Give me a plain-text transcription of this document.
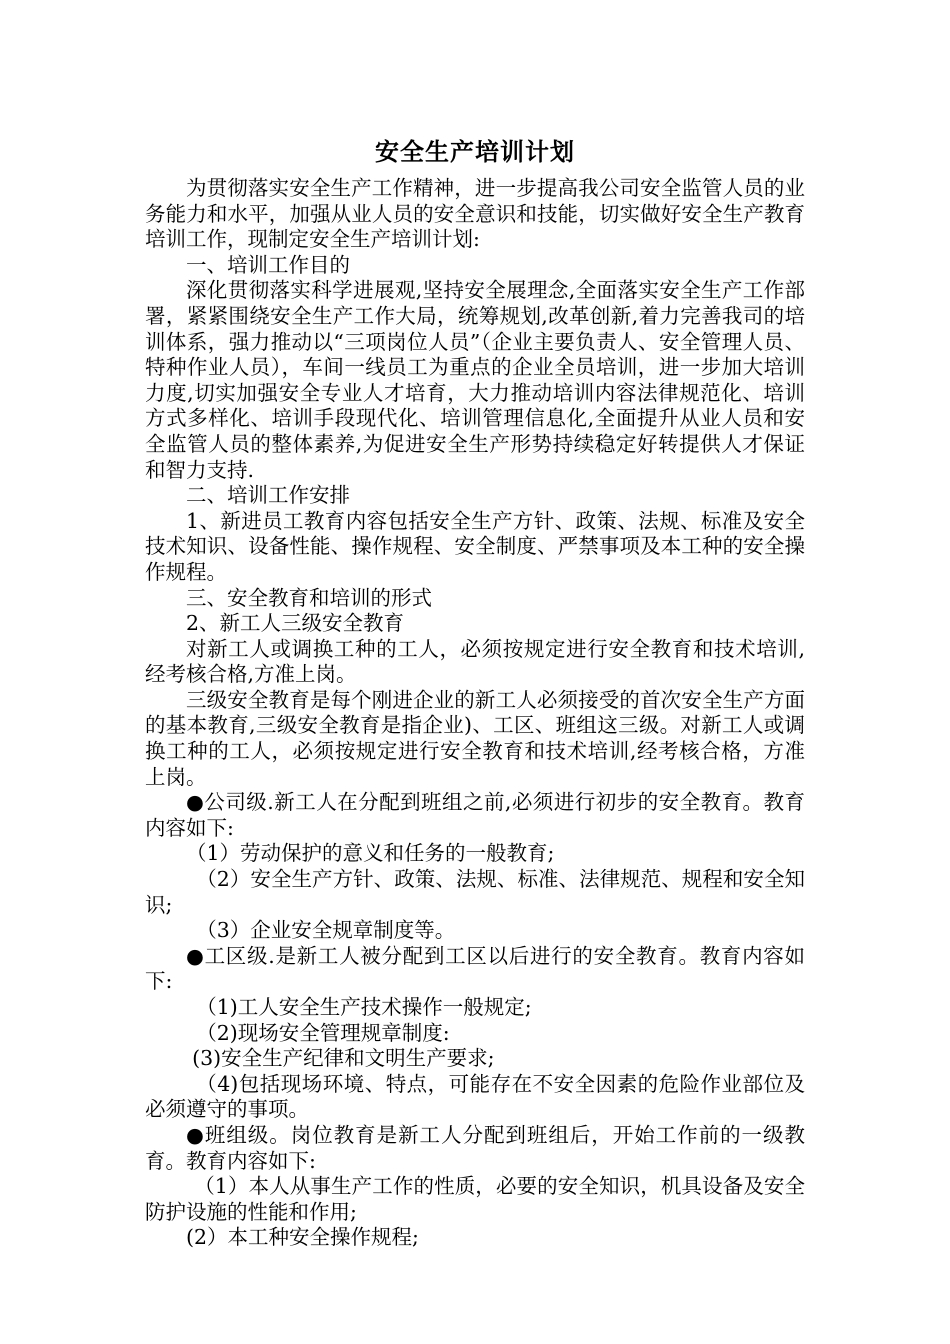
安全生产培训计划

为贯彻落实安全生产工作精神，进一步提高我公司安全监管人员的业务能力和水平，加强从业人员的安全意识和技能，切实做好安全生产教育培训工作，现制定安全生产培训计划:

一、培训工作目的

深化贯彻落实科学进展观,坚持安全展理念,全面落实安全生产工作部署，紧紧围绕安全生产工作大局，统筹规划,改革创新,着力完善我司的培训体系，强力推动以“三项岗位人员”（企业主要负责人、安全管理人员、特种作业人员），车间一线员工为重点的企业全员培训，进一步加大培训力度,切实加强安全专业人才培育，大力推动培训内容法律规范化、培训方式多样化、培训手段现代化、培训管理信息化,全面提升从业人员和安全监管人员的整体素养,为促进安全生产形势持续稳定好转提供人才保证和智力支持.

二、培训工作安排

1、新进员工教育内容包括安全生产方针、政策、法规、标准及安全技术知识、设备性能、操作规程、安全制度、严禁事项及本工种的安全操作规程。

三、安全教育和培训的形式

2、新工人三级安全教育

对新工人或调换工种的工人，必须按规定进行安全教育和技术培训,经考核合格,方准上岗。

三级安全教育是每个刚进企业的新工人必须接受的首次安全生产方面的基本教育,三级安全教育是指企业)、工区、班组这三级。对新工人或调换工种的工人，必须按规定进行安全教育和技术培训,经考核合格，方准上岗。

●公司级.新工人在分配到班组之前,必须进行初步的安全教育。教育内容如下:

（1）劳动保护的意义和任务的一般教育;

（2）安全生产方针、政策、法规、标准、法律规范、规程和安全知识;

（3）企业安全规章制度等。

●工区级.是新工人被分配到工区以后进行的安全教育。教育内容如下:

（1)工人安全生产技术操作一般规定;

（2)现场安全管理规章制度:

(3)安全生产纪律和文明生产要求;

（4)包括现场环境、特点，可能存在不安全因素的危险作业部位及必须遵守的事项。

●班组级。岗位教育是新工人分配到班组后，开始工作前的一级教育。教育内容如下:

（1）本人从事生产工作的性质，必要的安全知识，机具设备及安全防护设施的性能和作用;

(2）本工种安全操作规程;
